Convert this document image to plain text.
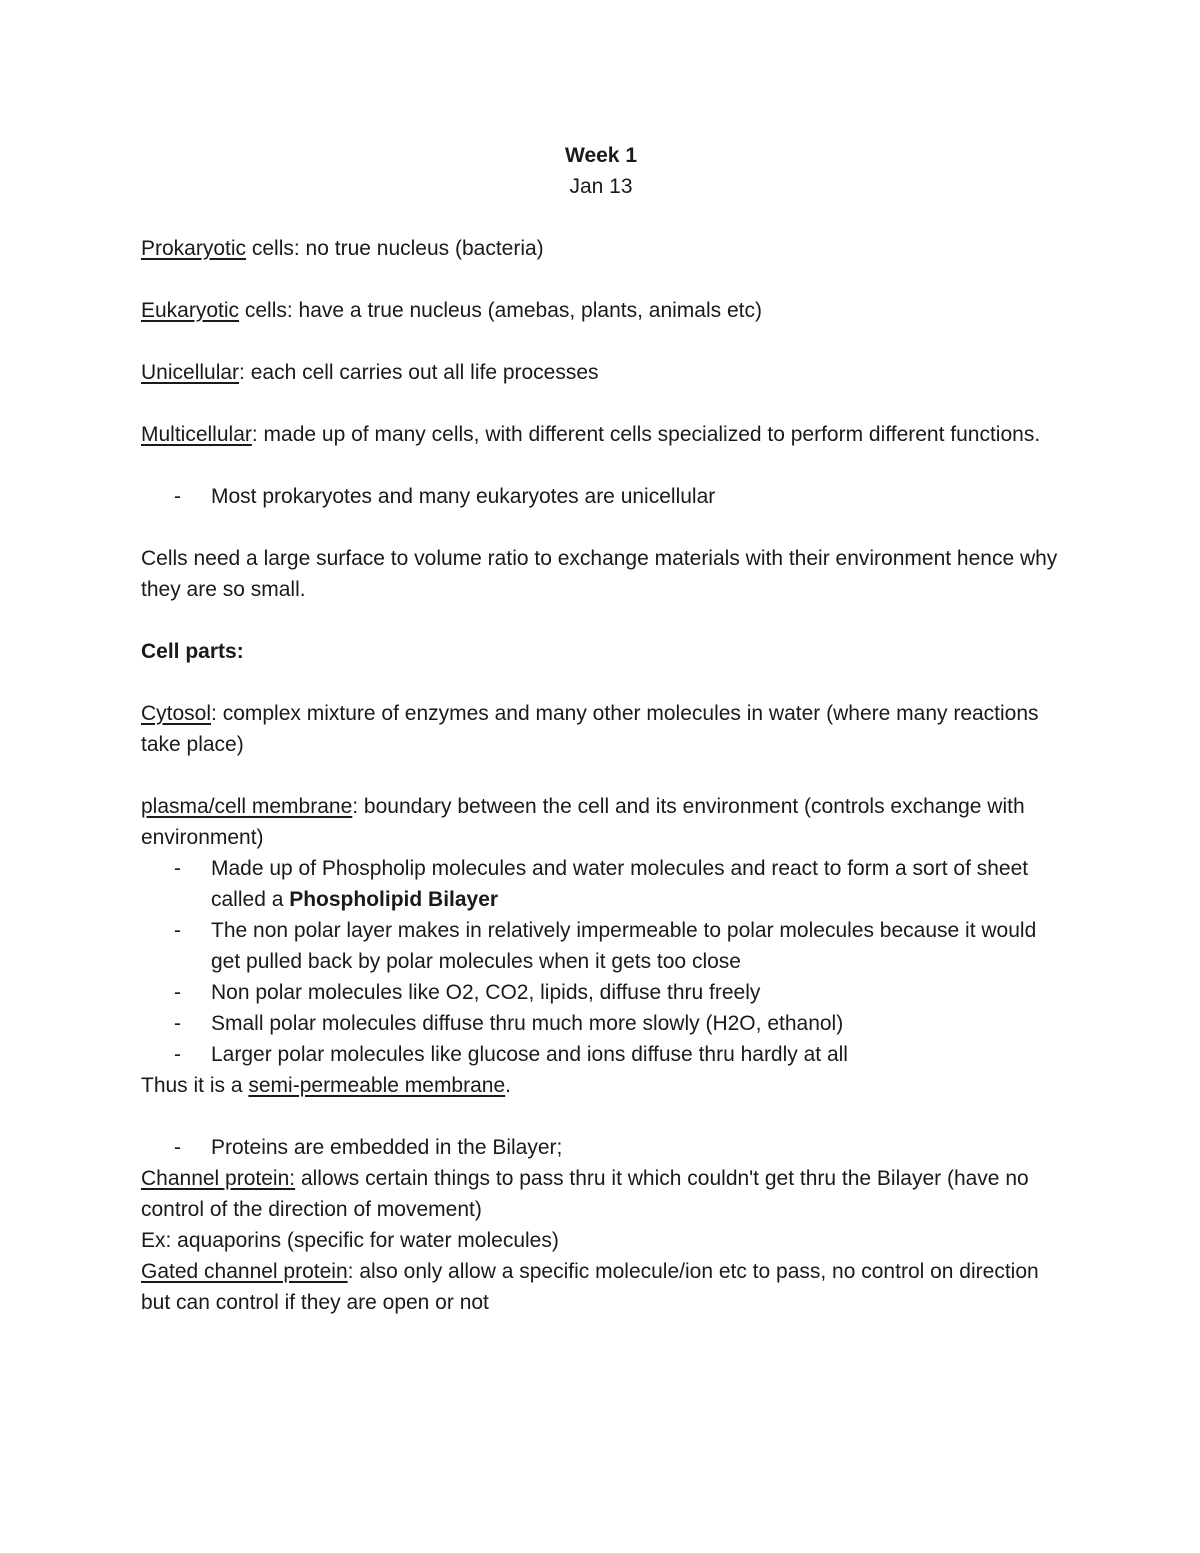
Week 1

Jan 13

Prokaryotic cells: no true nucleus (bacteria)

Eukaryotic cells: have a true nucleus (amebas, plants, animals etc)

Unicellular: each cell carries out all life processes

Multicellular: made up of many cells, with different cells specialized to perform different functions.

- Most prokaryotes and many eukaryotes are unicellular

Cells need a large surface to volume ratio to exchange materials with their environment hence why they are so small.

Cell parts:

Cytosol: complex mixture of enzymes and many other molecules in water (where many reactions take place)

plasma/cell membrane: boundary between the cell and its environment (controls exchange with environment)

- Made up of Phospholip molecules and water molecules and react to form a sort of sheet called a Phospholipid Bilayer
- The non polar layer makes in relatively impermeable to polar molecules because it would get pulled back by polar molecules when it gets too close
- Non polar molecules like O2, CO2, lipids, diffuse thru freely
- Small polar molecules diffuse thru much more slowly (H2O, ethanol)
- Larger polar molecules like glucose and ions diffuse thru hardly at all

Thus it is a semi-permeable membrane.

- Proteins are embedded in the Bilayer;

Channel protein: allows certain things to pass thru it which couldn't get thru the Bilayer (have no control of the direction of movement)

Ex: aquaporins (specific for water molecules)

Gated channel protein: also only allow a specific molecule/ion etc to pass, no control on direction but can control if they are open or not
